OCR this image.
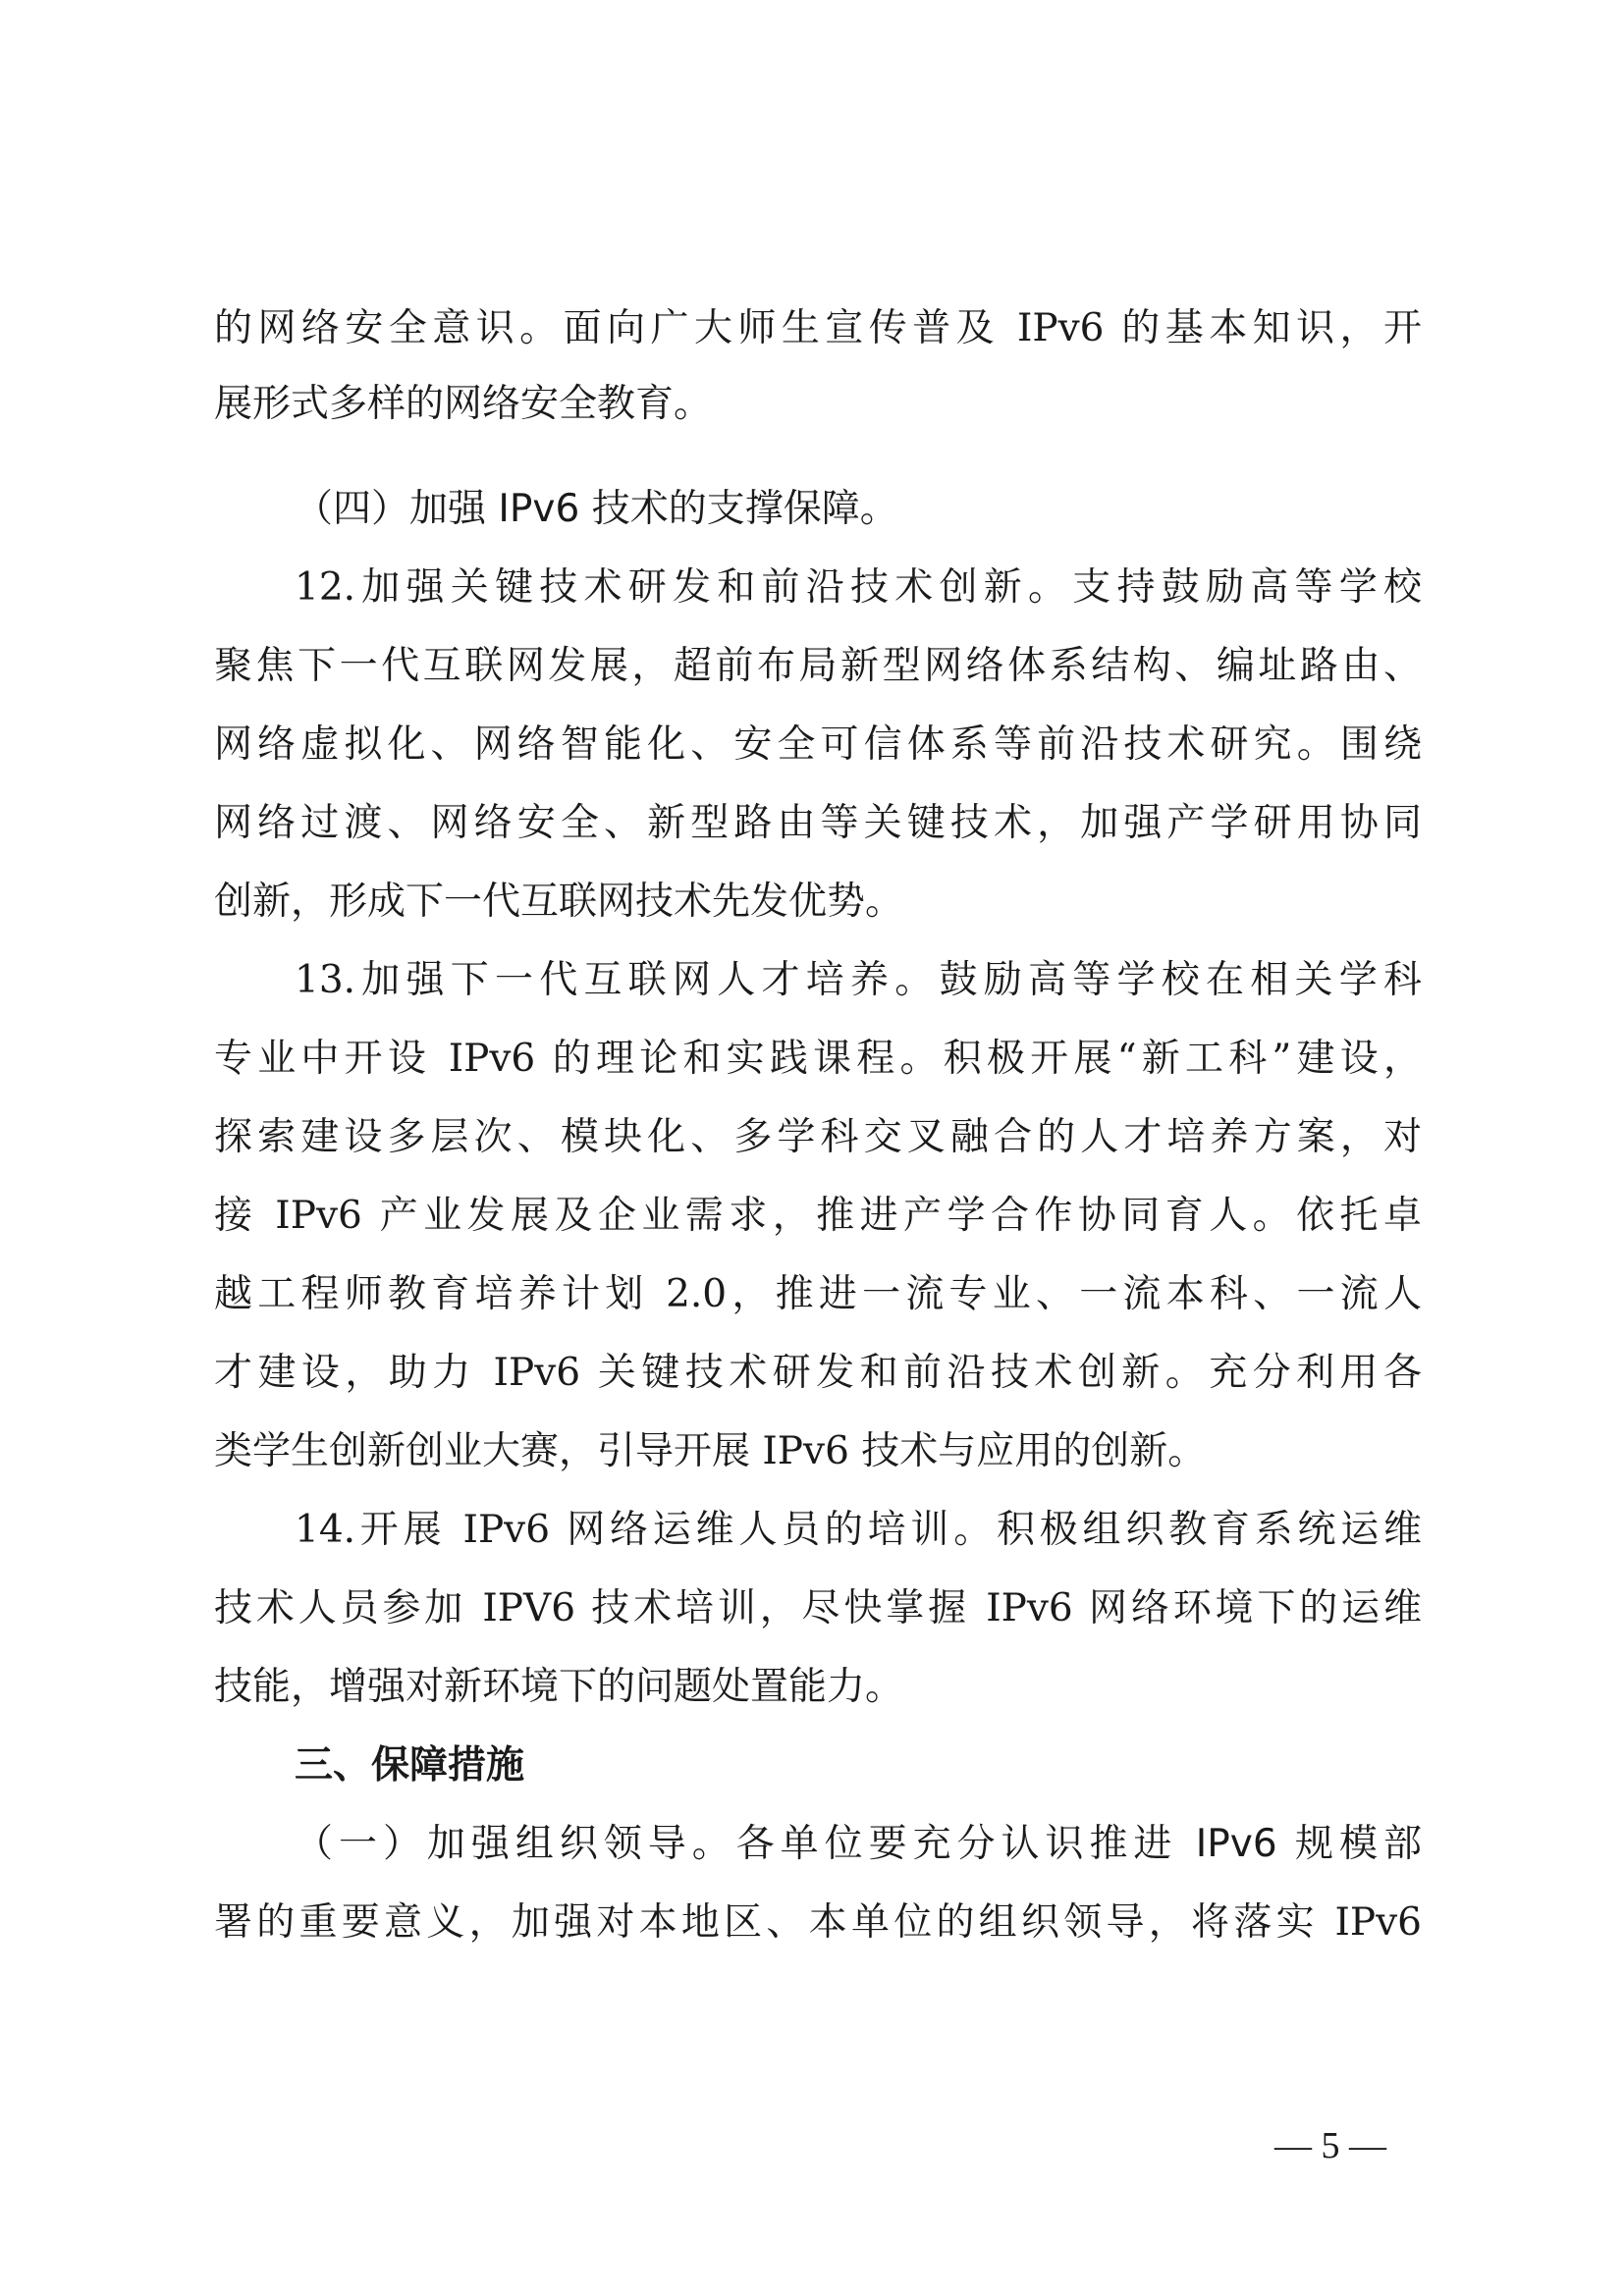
的网络安全意识。面向广大师生宣传普及 IPv6 的基本知识，开
展形式多样的网络安全教育。
（四）加强 IPv6 技术的支撑保障。
12.加强关键技术研发和前沿技术创新。支持鼓励高等学校
聚焦下一代互联网发展，超前布局新型网络体系结构、编址路由、
网络虚拟化、网络智能化、安全可信体系等前沿技术研究。围绕
网络过渡、网络安全、新型路由等关键技术，加强产学研用协同
创新，形成下一代互联网技术先发优势。
13.加强下一代互联网人才培养。鼓励高等学校在相关学科
专业中开设 IPv6 的理论和实践课程。积极开展“新工科”建设，
探索建设多层次、模块化、多学科交叉融合的人才培养方案，对
接 IPv6 产业发展及企业需求，推进产学合作协同育人。依托卓
越工程师教育培养计划 2.0，推进一流专业、一流本科、一流人
才建设，助力 IPv6 关键技术研发和前沿技术创新。充分利用各
类学生创新创业大赛，引导开展 IPv6 技术与应用的创新。
14.开展 IPv6 网络运维人员的培训。积极组织教育系统运维
技术人员参加 IPV6 技术培训，尽快掌握 IPv6 网络环境下的运维
技能，增强对新环境下的问题处置能力。
三、保障措施
（一）加强组织领导。各单位要充分认识推进 IPv6 规模部
署的重要意义，加强对本地区、本单位的组织领导，将落实 IPv6
— 5 —
